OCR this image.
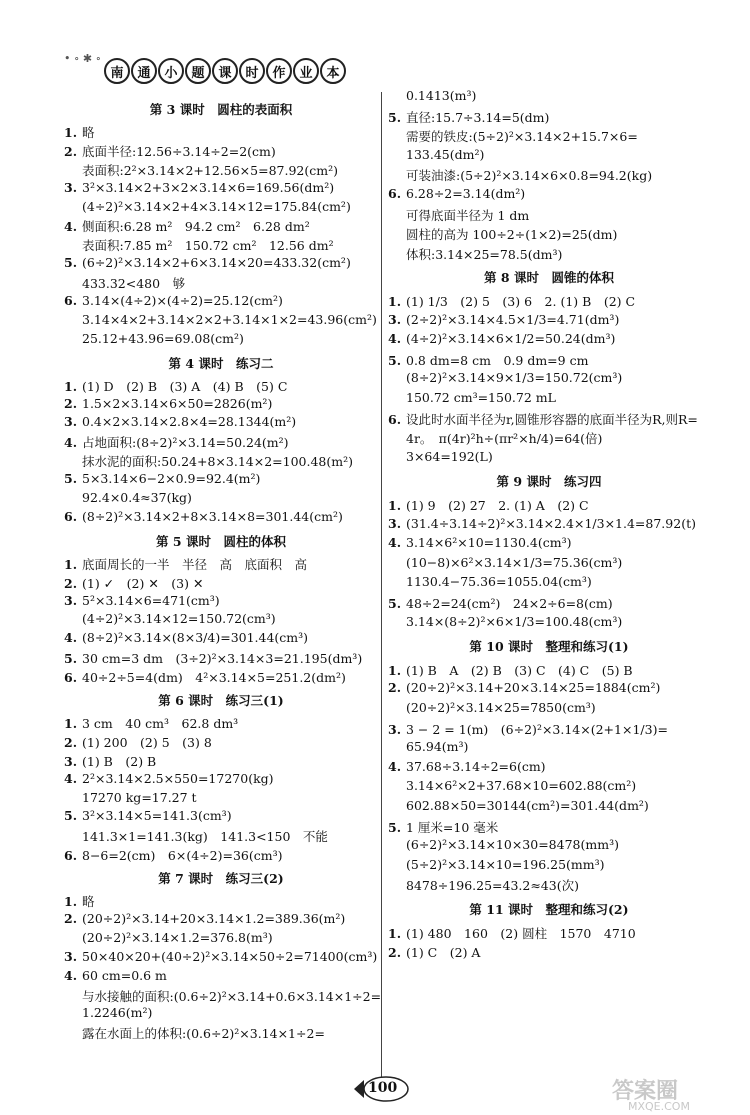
• ∘ ✱ ∘
南	通	小	题	课	时	作	业	本
第 3 课时　圆柱的表面积
1. 略
2. 底面半径:12.56÷3.14÷2=2(cm)
表面积:2²×3.14×2+12.56×5=87.92(cm²)
3. 3²×3.14×2+3×2×3.14×6=169.56(dm²)
(4÷2)²×3.14×2+4×3.14×12=175.84(cm²)
4. 侧面积:6.28 m²　94.2 cm²　6.28 dm²
表面积:7.85 m²　150.72 cm²　12.56 dm²
5. (6÷2)²×3.14×2+6×3.14×20=433.32(cm²)
433.32<480　够
6. 3.14×(4÷2)×(4÷2)=25.12(cm²)
3.14×4×2+3.14×2×2+3.14×1×2=43.96(cm²)
25.12+43.96=69.08(cm²)
第 4 课时　练习二
1. (1) D　(2) B　(3) A　(4) B　(5) C
2. 1.5×2×3.14×6×50=2826(m²)
3. 0.4×2×3.14×2.8×4=28.1344(m²)
4. 占地面积:(8÷2)²×3.14=50.24(m²)
抹水泥的面积:50.24+8×3.14×2=100.48(m²)
5. 5×3.14×6−2×0.9=92.4(m²)
92.4×0.4≈37(kg)
6. (8÷2)²×3.14×2+8×3.14×8=301.44(cm²)
第 5 课时　圆柱的体积
1. 底面周长的一半　半径　高　底面积　高
2. (1) ✓　(2) ✕　(3) ✕
3. 5²×3.14×6=471(cm³)
(4÷2)²×3.14×12=150.72(cm³)
4. (8÷2)²×3.14×(8×3/4)=301.44(cm³)
5. 30 cm=3 dm　(3÷2)²×3.14×3=21.195(dm³)
6. 40÷2÷5=4(dm)　4²×3.14×5=251.2(dm²)
第 6 课时　练习三(1)
1. 3 cm　40 cm³　62.8 dm³
2. (1) 200　(2) 5　(3) 8
3. (1) B　(2) B
4. 2²×3.14×2.5×550=17270(kg)
17270 kg=17.27 t
5. 3²×3.14×5=141.3(cm³)
141.3×1=141.3(kg)　141.3<150　不能
6. 8−6=2(cm)　6×(4÷2)=36(cm³)
第 7 课时　练习三(2)
1. 略
2. (20÷2)²×3.14+20×3.14×1.2=389.36(m²)
(20÷2)²×3.14×1.2=376.8(m³)
3. 50×40×20+(40÷2)²×3.14×50÷2=71400(cm³)
4. 60 cm=0.6 m
与水接触的面积:(0.6÷2)²×3.14+0.6×3.14×1÷2=
1.2246(m²)
露在水面上的体积:(0.6÷2)²×3.14×1÷2=
0.1413(m³)
5. 直径:15.7÷3.14=5(dm)
需要的铁皮:(5÷2)²×3.14×2+15.7×6=
133.45(dm²)
可装油漆:(5÷2)²×3.14×6×0.8=94.2(kg)
6. 6.28÷2=3.14(dm²)
可得底面半径为 1 dm
圆柱的高为 100÷2÷(1×2)=25(dm)
体积:3.14×25=78.5(dm³)
第 8 课时　圆锥的体积
1. (1) 1/3　(2) 5　(3) 6　2. (1) B　(2) C
3. (2÷2)²×3.14×4.5×1/3=4.71(dm³)
4. (4÷2)²×3.14×6×1/2=50.24(dm³)
5. 0.8 dm=8 cm　0.9 dm=9 cm
(8÷2)²×3.14×9×1/3=150.72(cm³)
150.72 cm³=150.72 mL
6. 设此时水面半径为r,圆锥形容器的底面半径为R,则R=
4r。　π(4r)²h÷(πr²×h/4)=64(倍)
3×64=192(L)
第 9 课时　练习四
1. (1) 9　(2) 27　2. (1) A　(2) C
3. (31.4÷3.14÷2)²×3.14×2.4×1/3×1.4=87.92(t)
4. 3.14×6²×10=1130.4(cm³)
(10−8)×6²×3.14×1/3=75.36(cm³)
1130.4−75.36=1055.04(cm³)
5. 48÷2=24(cm²)　24×2÷6=8(cm)
3.14×(8÷2)²×6×1/3=100.48(cm³)
第 10 课时　整理和练习(1)
1. (1) B　A　(2) B　(3) C　(4) C　(5) B
2. (20÷2)²×3.14+20×3.14×25=1884(cm²)
(20÷2)²×3.14×25=7850(cm³)
3. 3 − 2 = 1(m)　(6÷2)²×3.14×(2+1×1/3)=
65.94(m³)
4. 37.68÷3.14÷2=6(cm)
3.14×6²×2+37.68×10=602.88(cm²)
602.88×50=30144(cm²)=301.44(dm²)
5. 1 厘米=10 毫米
(6÷2)²×3.14×10×30=8478(mm³)
(5÷2)²×3.14×10=196.25(mm³)
8478÷196.25=43.2≈43(次)
第 11 课时　整理和练习(2)
1. (1) 480　160　(2) 圆柱　1570　4710
2. (1) C　(2) A
100	答案圈
MXQE.COM
